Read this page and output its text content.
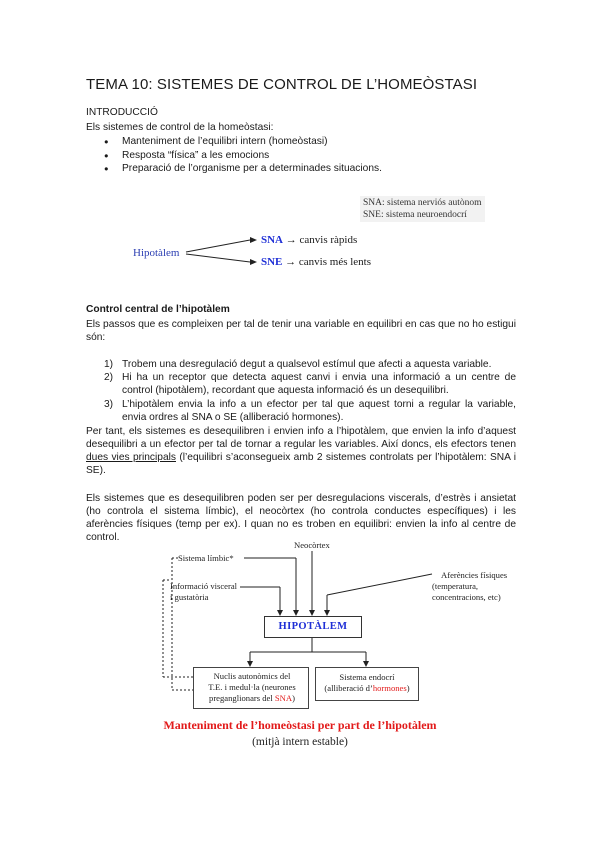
TEMA 10: SISTEMES DE CONTROL DE L’HOMEÒSTASI
INTRODUCCIÓ
Els sistemes de control de la homeòstasi:
● Manteniment de l’equilibri intern (homeòstasi)
● Resposta “física” a les emocions
● Preparació de l’organisme per a determinades situacions.
SNA: sistema nerviós autònom
SNE: sistema neuroendocrí
Hipotàlem
SNA → canvis ràpids
SNE → canvis més lents
Control central de l’hipotàlem
Els passos que es compleixen per tal de tenir una variable en equilibri en cas que no ho estigui són:
1) Trobem una desregulació degut a qualsevol estímul que afecti a aquesta variable.
2) Hi ha un receptor que detecta aquest canvi i envia una informació a un centre de control (hipotàlem), recordant que aquesta informació és un desequilibri.
3) L’hipotàlem envia la info a un efector per tal que aquest torni a regular la variable, envia ordres al SNA o SE (alliberació hormones).
Per tant, els sistemes es desequilibren i envien info a l’hipotàlem, que envien la info d’aquest desequilibri a un efector per tal de tornar a regular les variables. Així doncs, els efectors tenen dues vies principals (l’equilibri s’aconsegueix amb 2 sistemes controlats per l’hipotàlem: SNA i SE).
Els sistemes que es desequilibren poden ser per desregulacions viscerals, d’estrès i ansietat (ho controla el sistema límbic), el neocòrtex (ho controla conductes específiques) i les aferències físiques (temp per ex). I quan no es troben en equilibri: envien la info al centre de control.
Neocòrtex
Sistema límbic*
Informació visceral
i gustatòria
Aferències físiques
(temperatura,
concentracions, etc)
HIPOTÀLEM
Nuclis autonòmics del
T.E. i medul·la (neurones
preganglionars del SNA)
Sistema endocrí
(alliberació d’hormones)
Manteniment de l’homeòstasi per part de l’hipotàlem
(mitjà intern estable)
